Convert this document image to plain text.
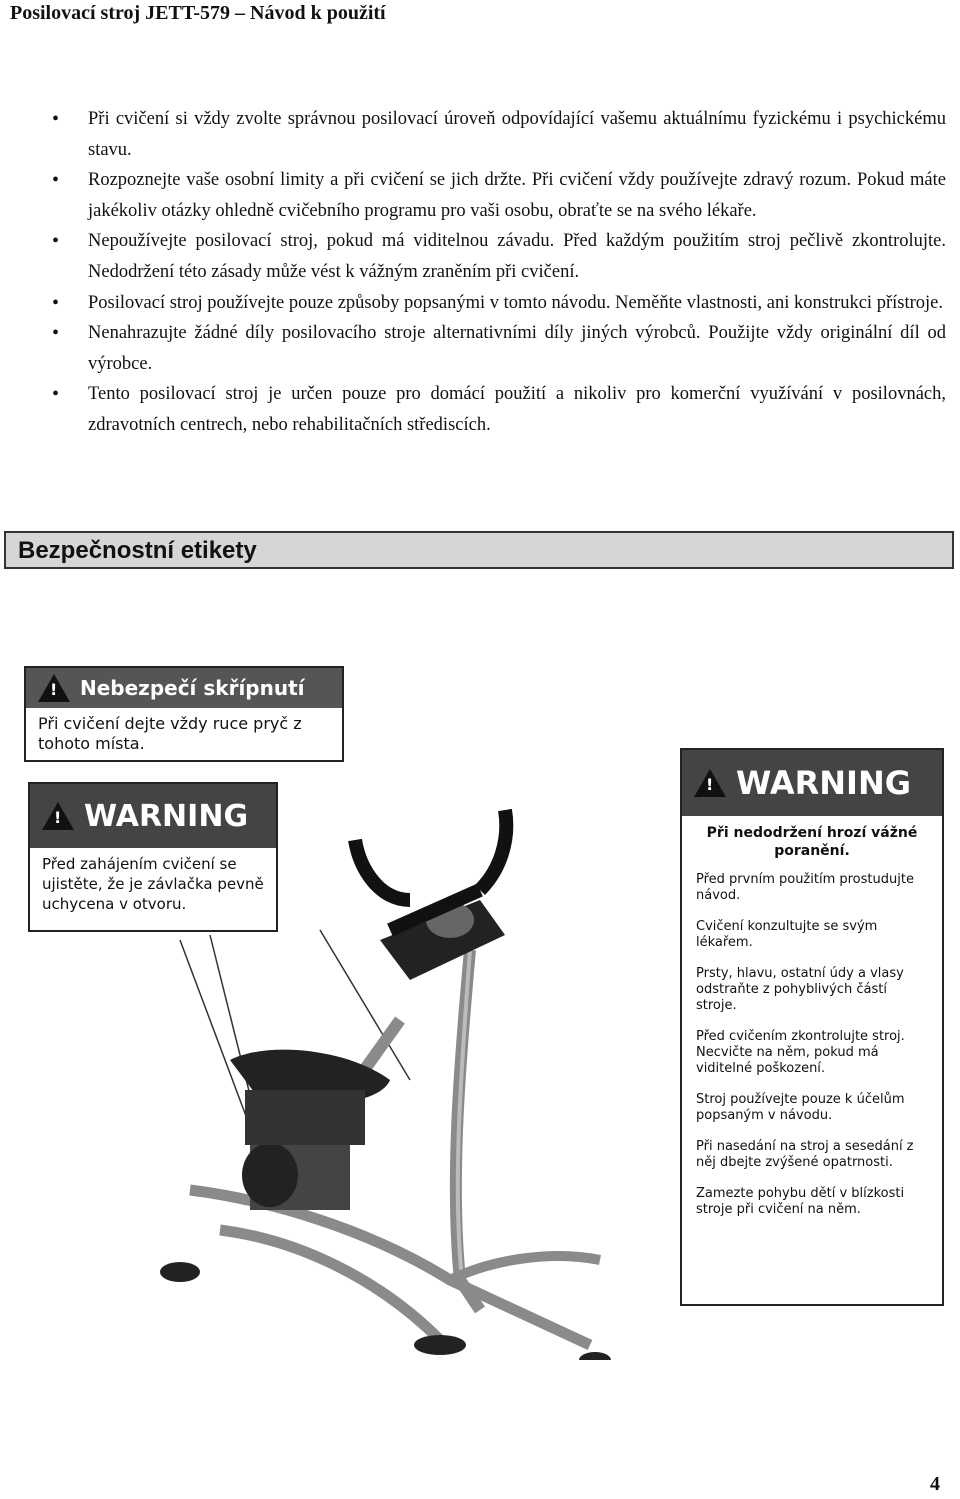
Posilovací stroj JETT-579 – Návod k použití
• Při cvičení si vždy zvolte správnou posilovací úroveň odpovídající vašemu aktuálnímu fyzickému i psychickému stavu.
• Rozpoznejte vaše osobní limity a při cvičení se jich držte. Při cvičení vždy používejte zdravý rozum. Pokud máte jakékoliv otázky ohledně cvičebního programu pro vaši osobu, obraťte se na svého lékaře.
• Nepoužívejte posilovací stroj, pokud má viditelnou závadu. Před každým použitím stroj pečlivě zkontrolujte. Nedodržení této zásady může vést k vážným zraněním při cvičení.
• Posilovací stroj používejte pouze způsoby popsanými v tomto návodu. Neměňte vlastnosti, ani konstrukci přístroje.
• Nenahrazujte žádné díly posilovacího stroje alternativními díly jiných výrobců. Použijte vždy originální díl od výrobce.
• Tento posilovací stroj je určen pouze pro domácí použití a nikoliv pro komerční využívání v posilovnách, zdravotních centrech, nebo rehabilitačních střediscích.
Bezpečnostní etikety
!
Nebezpečí skřípnutí
Při cvičení dejte vždy ruce pryč z tohoto místa.
!
WARNING
Před zahájením cvičení se ujistěte, že je závlačka pevně uchycena v otvoru.
!
WARNING
Při nedodržení hrozí vážné poranění.

Před prvním použitím prostudujte návod.

Cvičení konzultujte se svým lékařem.

Prsty, hlavu, ostatní údy a vlasy odstraňte z pohyblivých částí stroje.

Před cvičením zkontrolujte stroj. Necvičte na něm, pokud má viditelné poškození.

Stroj používejte pouze k účelům popsaným v návodu.

Při nasedání na stroj a sesedání z něj dbejte zvýšené opatrnosti.

Zamezte pohybu dětí v blízkosti stroje při cvičení na něm.

4
